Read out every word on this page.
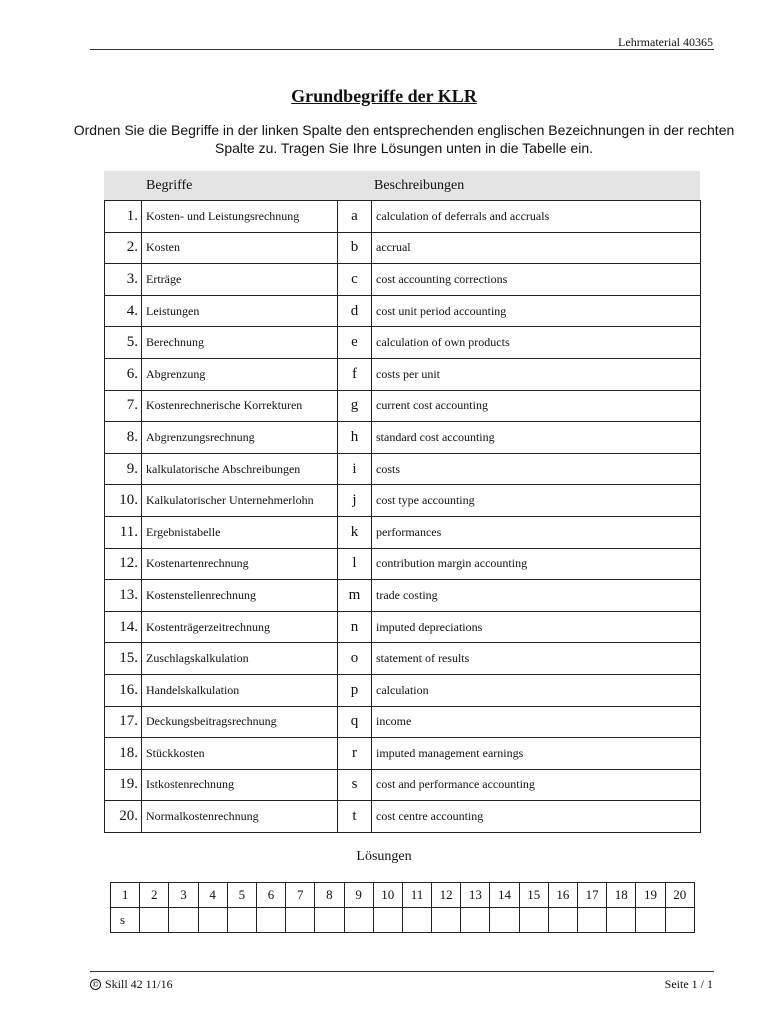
Lehrmaterial 40365
Grundbegriffe der KLR
Ordnen Sie die Begriffe in der linken Spalte den entsprechenden englischen Bezeichnungen in der rechten Spalte zu. Tragen Sie Ihre Lösungen unten in die Tabelle ein.
Begriffe	Beschreibungen
1.	Kosten- und Leistungsrechnung	a	calculation of deferrals and accruals
2.	Kosten	b	accrual
3.	Erträge	c	cost accounting corrections
4.	Leistungen	d	cost unit period accounting
5.	Berechnung	e	calculation of own products
6.	Abgrenzung	f	costs per unit
7.	Kostenrechnerische Korrekturen	g	current cost accounting
8.	Abgrenzungsrechnung	h	standard cost accounting
9.	kalkulatorische Abschreibungen	i	costs
10.	Kalkulatorischer Unternehmerlohn	j	cost type accounting
11.	Ergebnistabelle	k	performances
12.	Kostenartenrechnung	l	contribution margin accounting
13.	Kostenstellenrechnung	m	trade costing
14.	Kostenträgerzeitrechnung	n	imputed depreciations
15.	Zuschlagskalkulation	o	statement of results
16.	Handelskalkulation	p	calculation
17.	Deckungsbeitragsrechnung	q	income
18.	Stückkosten	r	imputed management earnings
19.	Istkostenrechnung	s	cost and performance accounting
20.	Normalkostenrechnung	t	cost centre accounting
Lösungen
1	2	3	4	5	6	7	8	9	10	11	12	13	14	15	16	17	18	19	20
s																			
© Skill 42 11/16	Seite 1 / 1
